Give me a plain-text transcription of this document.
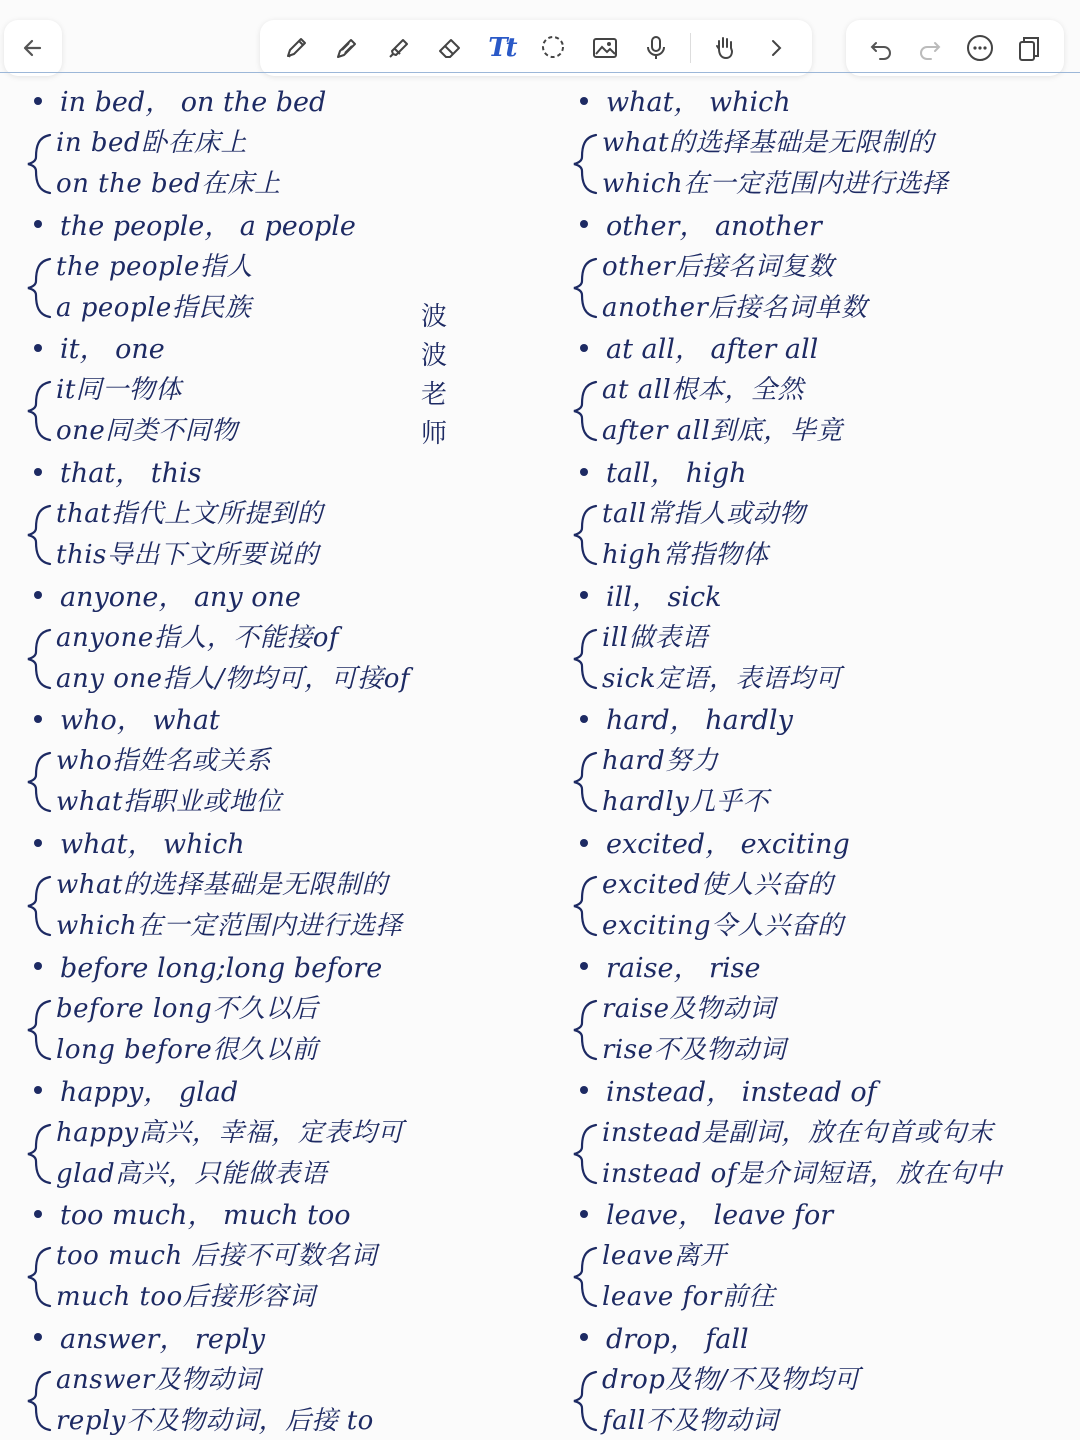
Tt
in bed， on the bed
in bed卧在床上
on the bed在床上
the people， a people
the people指人
a people指民族
it， one
it同一物体
one同类不同物
that， this
that指代上文所提到的
this导出下文所要说的
anyone， any one
anyone指人，不能接of
any one指人/物均可，可接of
who， what
who指姓名或关系
what指职业或地位
what， which
what的选择基础是无限制的
which在一定范围内进行选择
before long;long before
before long不久以后
long before很久以前
happy， glad
happy高兴，幸福，定表均可
glad高兴，只能做表语
too much， much too
too much 后接不可数名词
much too后接形容词
answer， reply
answer及物动词
reply不及物动词，后接 to
what， which
what的选择基础是无限制的
which在一定范围内进行选择
other， another
other后接名词复数
another后接名词单数
at all， after all
at all根本，全然
after all到底，毕竟
tall， high
tall常指人或动物
high常指物体
ill， sick
ill做表语
sick定语，表语均可
hard， hardly
hard努力
hardly几乎不
excited， exciting
excited使人兴奋的
exciting令人兴奋的
raise， rise
raise及物动词
rise不及物动词
instead， instead of
instead是副词，放在句首或句末
instead of是介词短语，放在句中
leave， leave for
leave离开
leave for前往
drop， fall
drop及物/不及物均可
fall不及物动词
波
波
老
师
